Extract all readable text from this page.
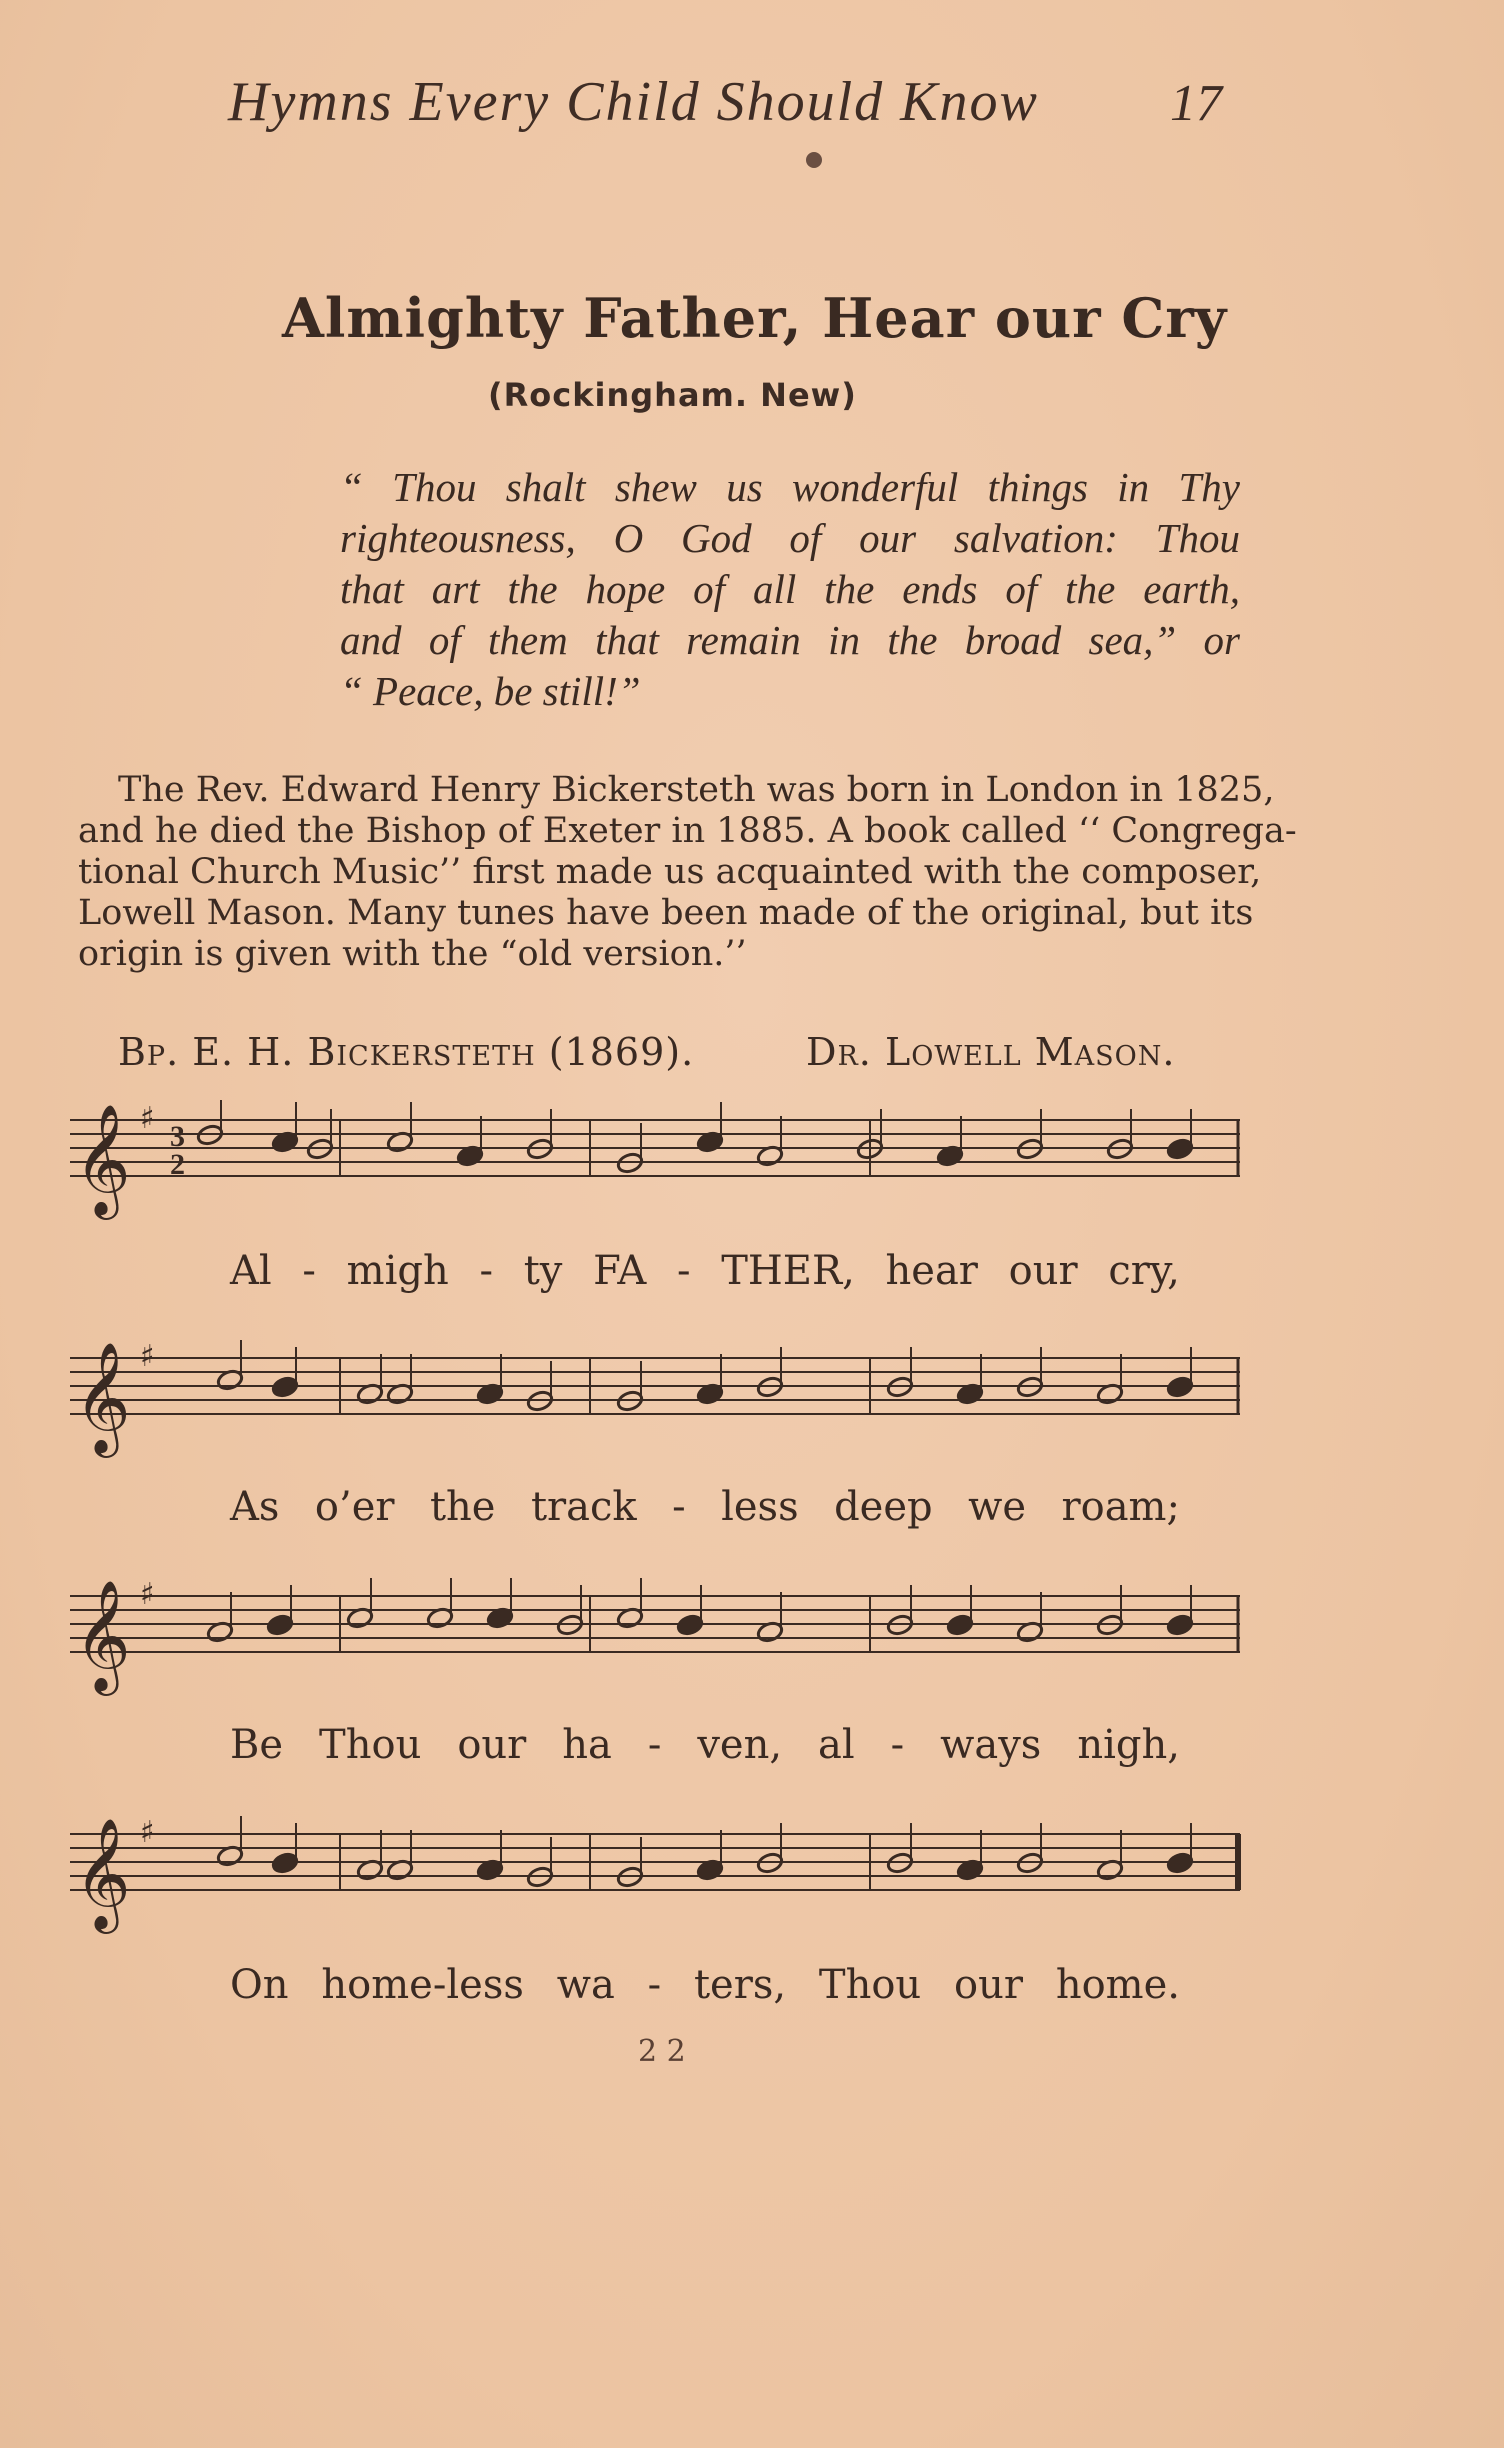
Hymns Every Child Should Know	17
Almighty Father, Hear our Cry
(Rockingham. New)
“ Thou shalt shew us wonderful things in Thy
righteousness, O God of our salvation: Thou
that art the hope of all the ends of the earth,
and of them that remain in the broad sea,” or
“ Peace, be still!”
The Rev. Edward Henry Bickersteth was born in London in 1825,
and he died the Bishop of Exeter in 1885. A book called ‘‘ Congrega-
tional Church Music’’ first made us acquainted with the composer,
Lowell Mason. Many tunes have been made of the original, but its
origin is given with the “old version.’’
Bp. E. H. Bickersteth (1869).	Dr. Lowell Mason.
𝄞 ♯
3
2
Al - migh - ty FA - THER, hear our cry,
𝄞 ♯
As o’er the track - less deep we roam;
𝄞 ♯
Be Thou our ha - ven, al - ways nigh,
𝄞 ♯
On home-less wa - ters, Thou our home.
2 2
